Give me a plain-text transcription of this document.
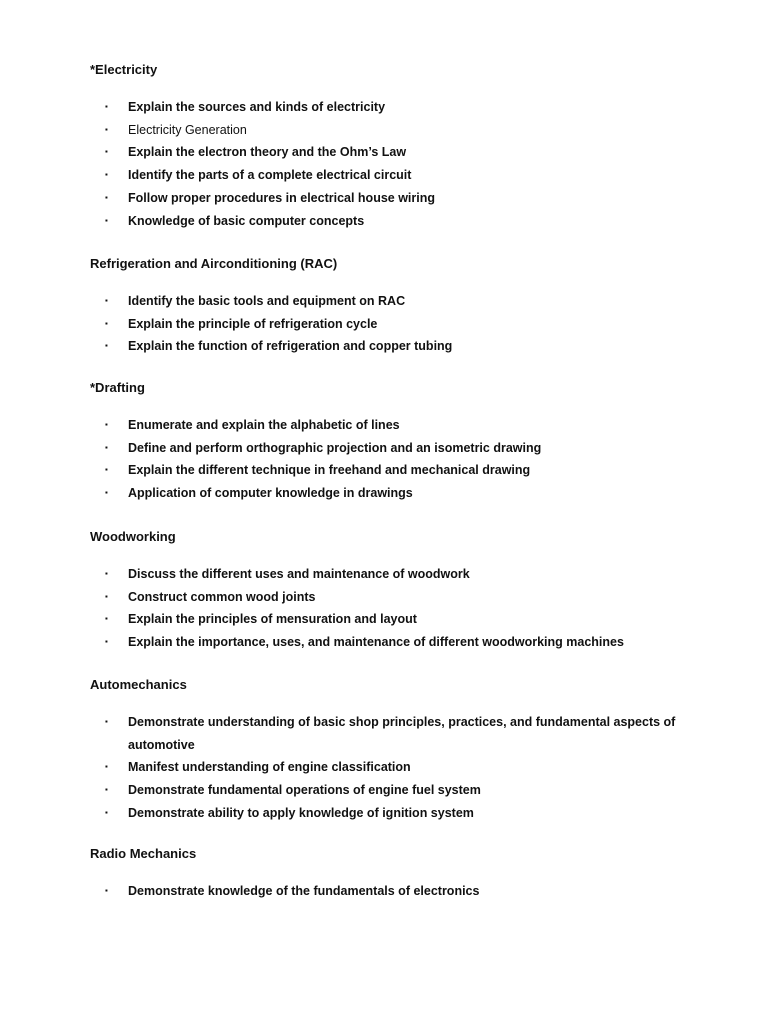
*Electricity
▪ Explain the sources and kinds of electricity
▪ Electricity Generation
▪ Explain the electron theory and the Ohm’s Law
▪ Identify the parts of a complete electrical circuit
▪ Follow proper procedures in electrical house wiring
▪ Knowledge of basic computer concepts
Refrigeration and Airconditioning (RAC)
▪ Identify the basic tools and equipment on RAC
▪ Explain the principle of refrigeration cycle
▪ Explain the function of refrigeration and copper tubing
*Drafting
▪ Enumerate and explain the alphabetic of lines
▪ Define and perform orthographic projection and an isometric drawing
▪ Explain the different technique in freehand and mechanical drawing
▪ Application of computer knowledge in drawings
Woodworking
▪ Discuss the different uses and maintenance of woodwork
▪ Construct common wood joints
▪ Explain the principles of mensuration and layout
▪ Explain the importance, uses, and maintenance of different woodworking machines
Automechanics
▪ Demonstrate understanding of basic shop principles, practices, and fundamental aspects of automotive
▪ Manifest understanding of engine classification
▪ Demonstrate fundamental operations of engine fuel system
▪ Demonstrate ability to apply knowledge of ignition system
Radio Mechanics
▪ Demonstrate knowledge of the fundamentals of electronics
